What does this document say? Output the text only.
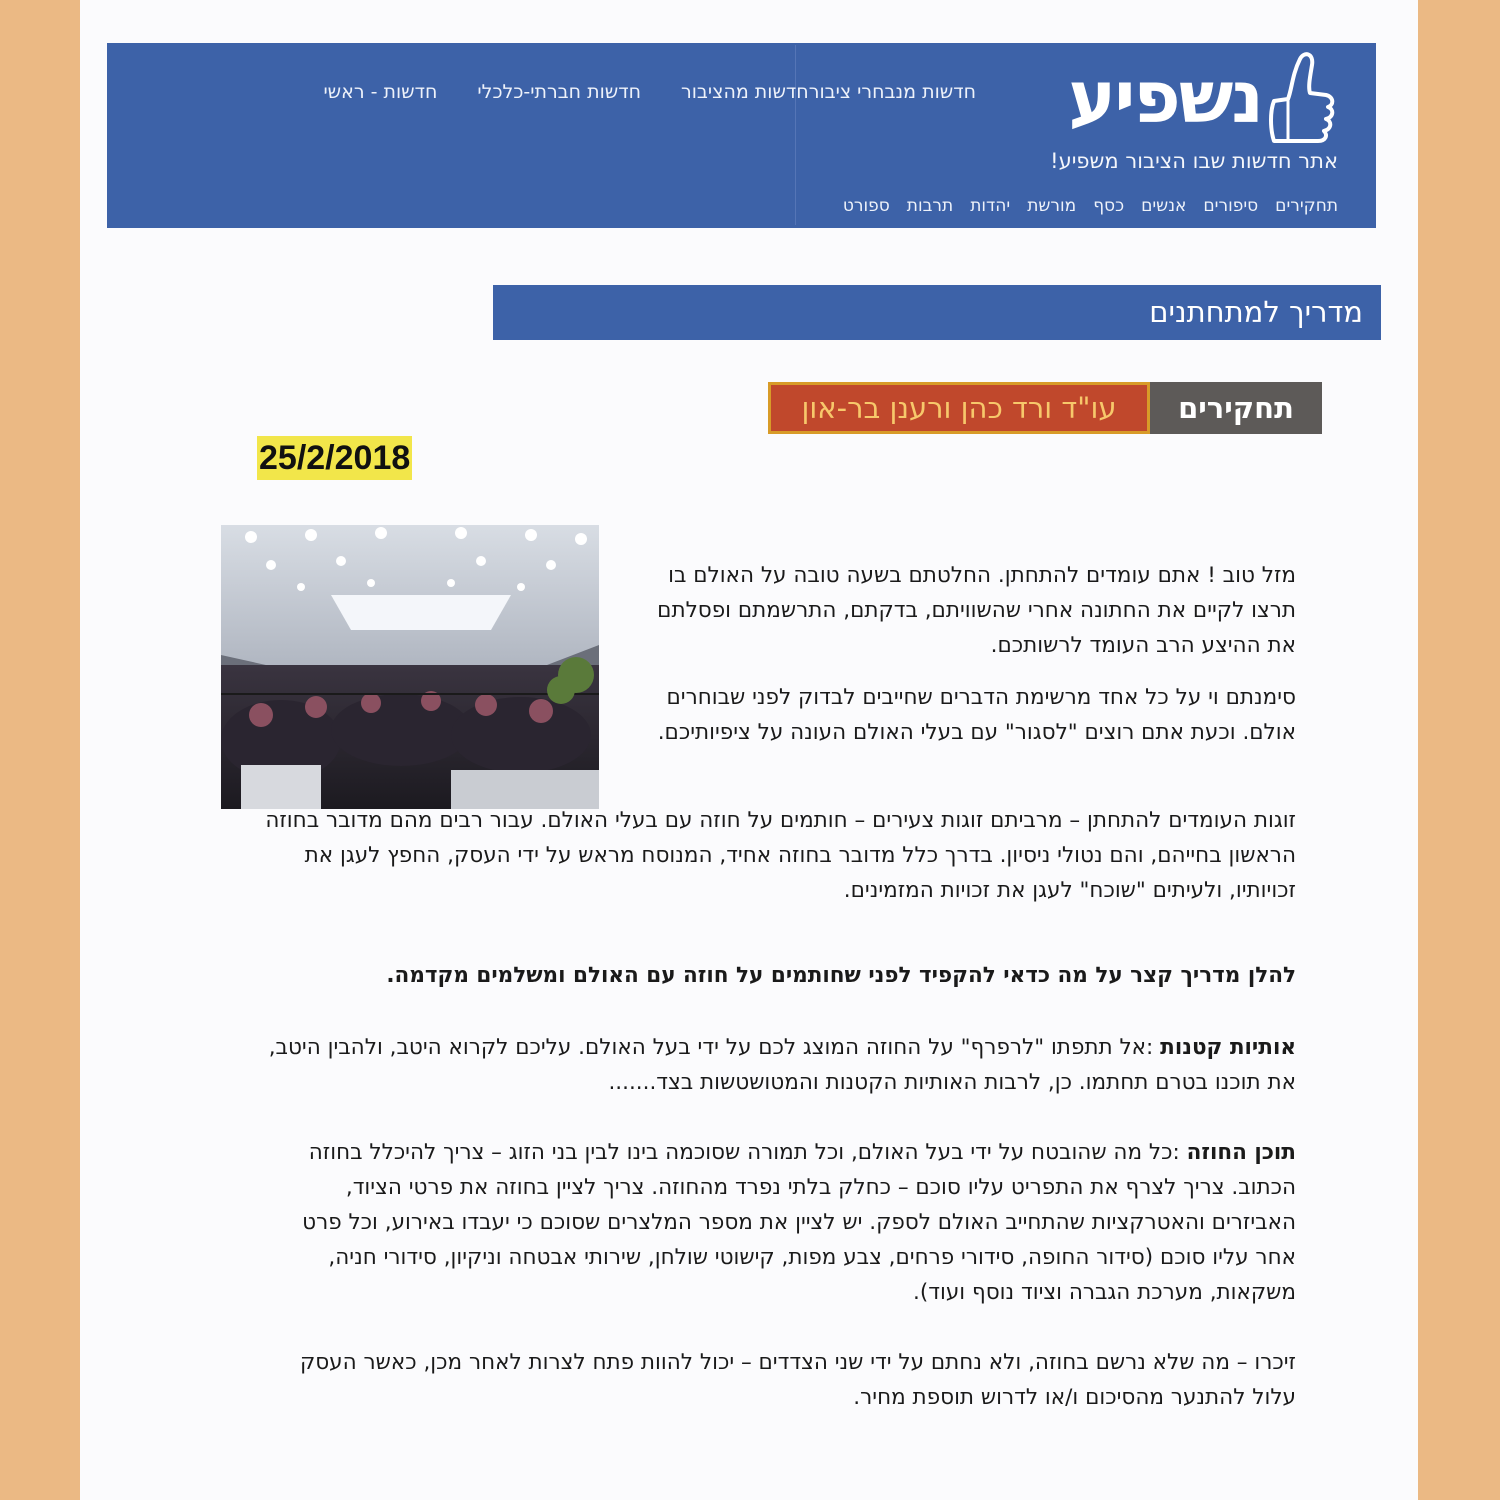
נשפיע
אתר חדשות שבו הציבור משפיע!
חדשות - ראשי חדשות חברתי-כלכלי חדשות מהציבור חדשות מנבחרי ציבור
ספורט תרבות יהדות מורשת כסף אנשים סיפורים תחקירים
מדריך למתחתנים
תחקירים
עו"ד ורד כהן ורענן בר-און
25/2/2018

מזל טוב ! אתם עומדים להתחתן. החלטתם בשעה טובה על האולם בו תרצו לקיים את החתונה אחרי שהשוויתם, בדקתם, התרשמתם ופסלתם את ההיצע הרב העומד לרשותכם.

סימנתם וי על כל אחד מרשימת הדברים שחייבים לבדוק לפני שבוחרים אולם. וכעת אתם רוצים "לסגור" עם בעלי האולם העונה על ציפיותיכם.

זוגות העומדים להתחתן – מרביתם זוגות צעירים – חותמים על חוזה עם בעלי האולם. עבור רבים מהם מדובר בחוזה הראשון בחייהם, והם נטולי ניסיון. בדרך כלל מדובר בחוזה אחיד, המנוסח מראש על ידי העסק, החפץ לעגן את זכויותיו, ולעיתים "שוכח" לעגן את זכויות המזמינים.

להלן מדריך קצר על מה כדאי להקפיד לפני שחותמים על חוזה עם האולם ומשלמים מקדמה.

אותיות קטנות :אל תתפתו "לרפרף" על החוזה המוצג לכם על ידי בעל האולם. עליכם לקרוא היטב, ולהבין היטב, את תוכנו בטרם תחתמו. כן, לרבות האותיות הקטנות והמטושטשות בצד.......

תוכן החוזה :כל מה שהובטח על ידי בעל האולם, וכל תמורה שסוכמה בינו לבין בני הזוג – צריך להיכלל בחוזה הכתוב. צריך לצרף את התפריט עליו סוכם – כחלק בלתי נפרד מהחוזה. צריך לציין בחוזה את פרטי הציוד, האביזרים והאטרקציות שהתחייב האולם לספק. יש לציין את מספר המלצרים שסוכם כי יעבדו באירוע, וכל פרט אחר עליו סוכם (סידור החופה, סידורי פרחים, צבע מפות, קישוטי שולחן, שירותי אבטחה וניקיון, סידורי חניה, משקאות, מערכת הגברה וציוד נוסף ועוד).

זיכרו – מה שלא נרשם בחוזה, ולא נחתם על ידי שני הצדדים – יכול להוות פתח לצרות לאחר מכן, כאשר העסק עלול להתנער מהסיכום ו/או לדרוש תוספת מחיר.
